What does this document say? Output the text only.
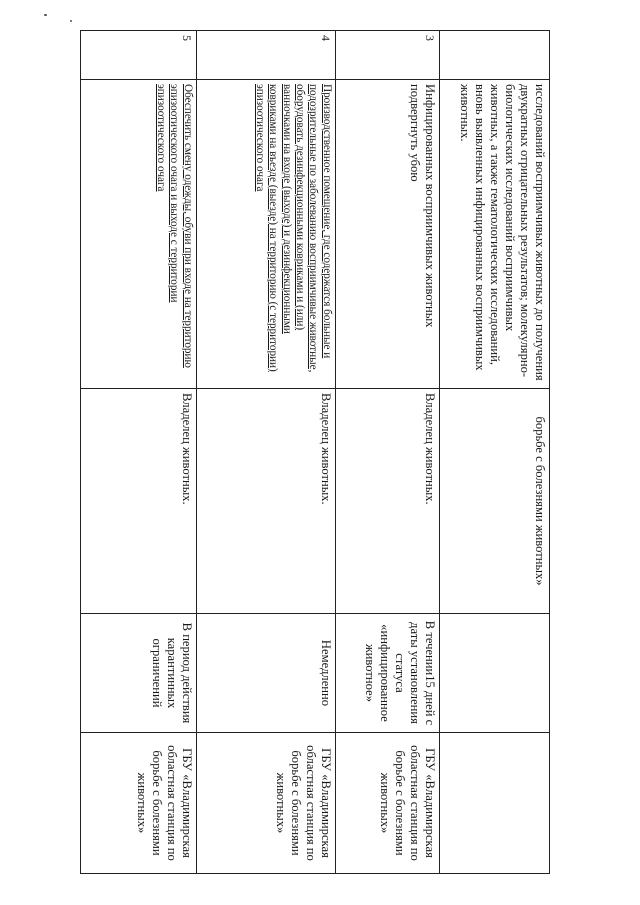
	исследований восприимчивых животных до получения двукратных отрицательных результатов; молекулярно-биологических исследований восприимчивых животных, а также гематологических исследований, вновь выявленных инфицированных восприимчивых животных.	борьбе с болезнями животных»		
3	Инфицированных восприимчивых животных подвергнуть убою	Владелец животных.	В течении15 дней с даты установления статуса «инфицированное животное»	ГБУ «Владимирская областная станция по борьбе с болезнями животных»
4	Производственное помещение, где содержатся больные и подозрительные по заболеванию восприимчивые животные, оборудовать дезинфекционными ковриками и (или) ванночками на входе (выходе) и дезинфекционными ковриками на въезде (выезде) на территорию (с территории) эпизоотического очага	Владелец животных.	Немедленно	ГБУ «Владимирская областная станция по борьбе с болезнями животных»
5	Обеспечить смену одежды, обуви при входе на территорию эпизоотического очага и выходе с территории эпизоотического очага	Владелец животных.	В период действия карантинных ограничений	ГБУ «Владимирская областная станция по борьбе с болезнями животных»
